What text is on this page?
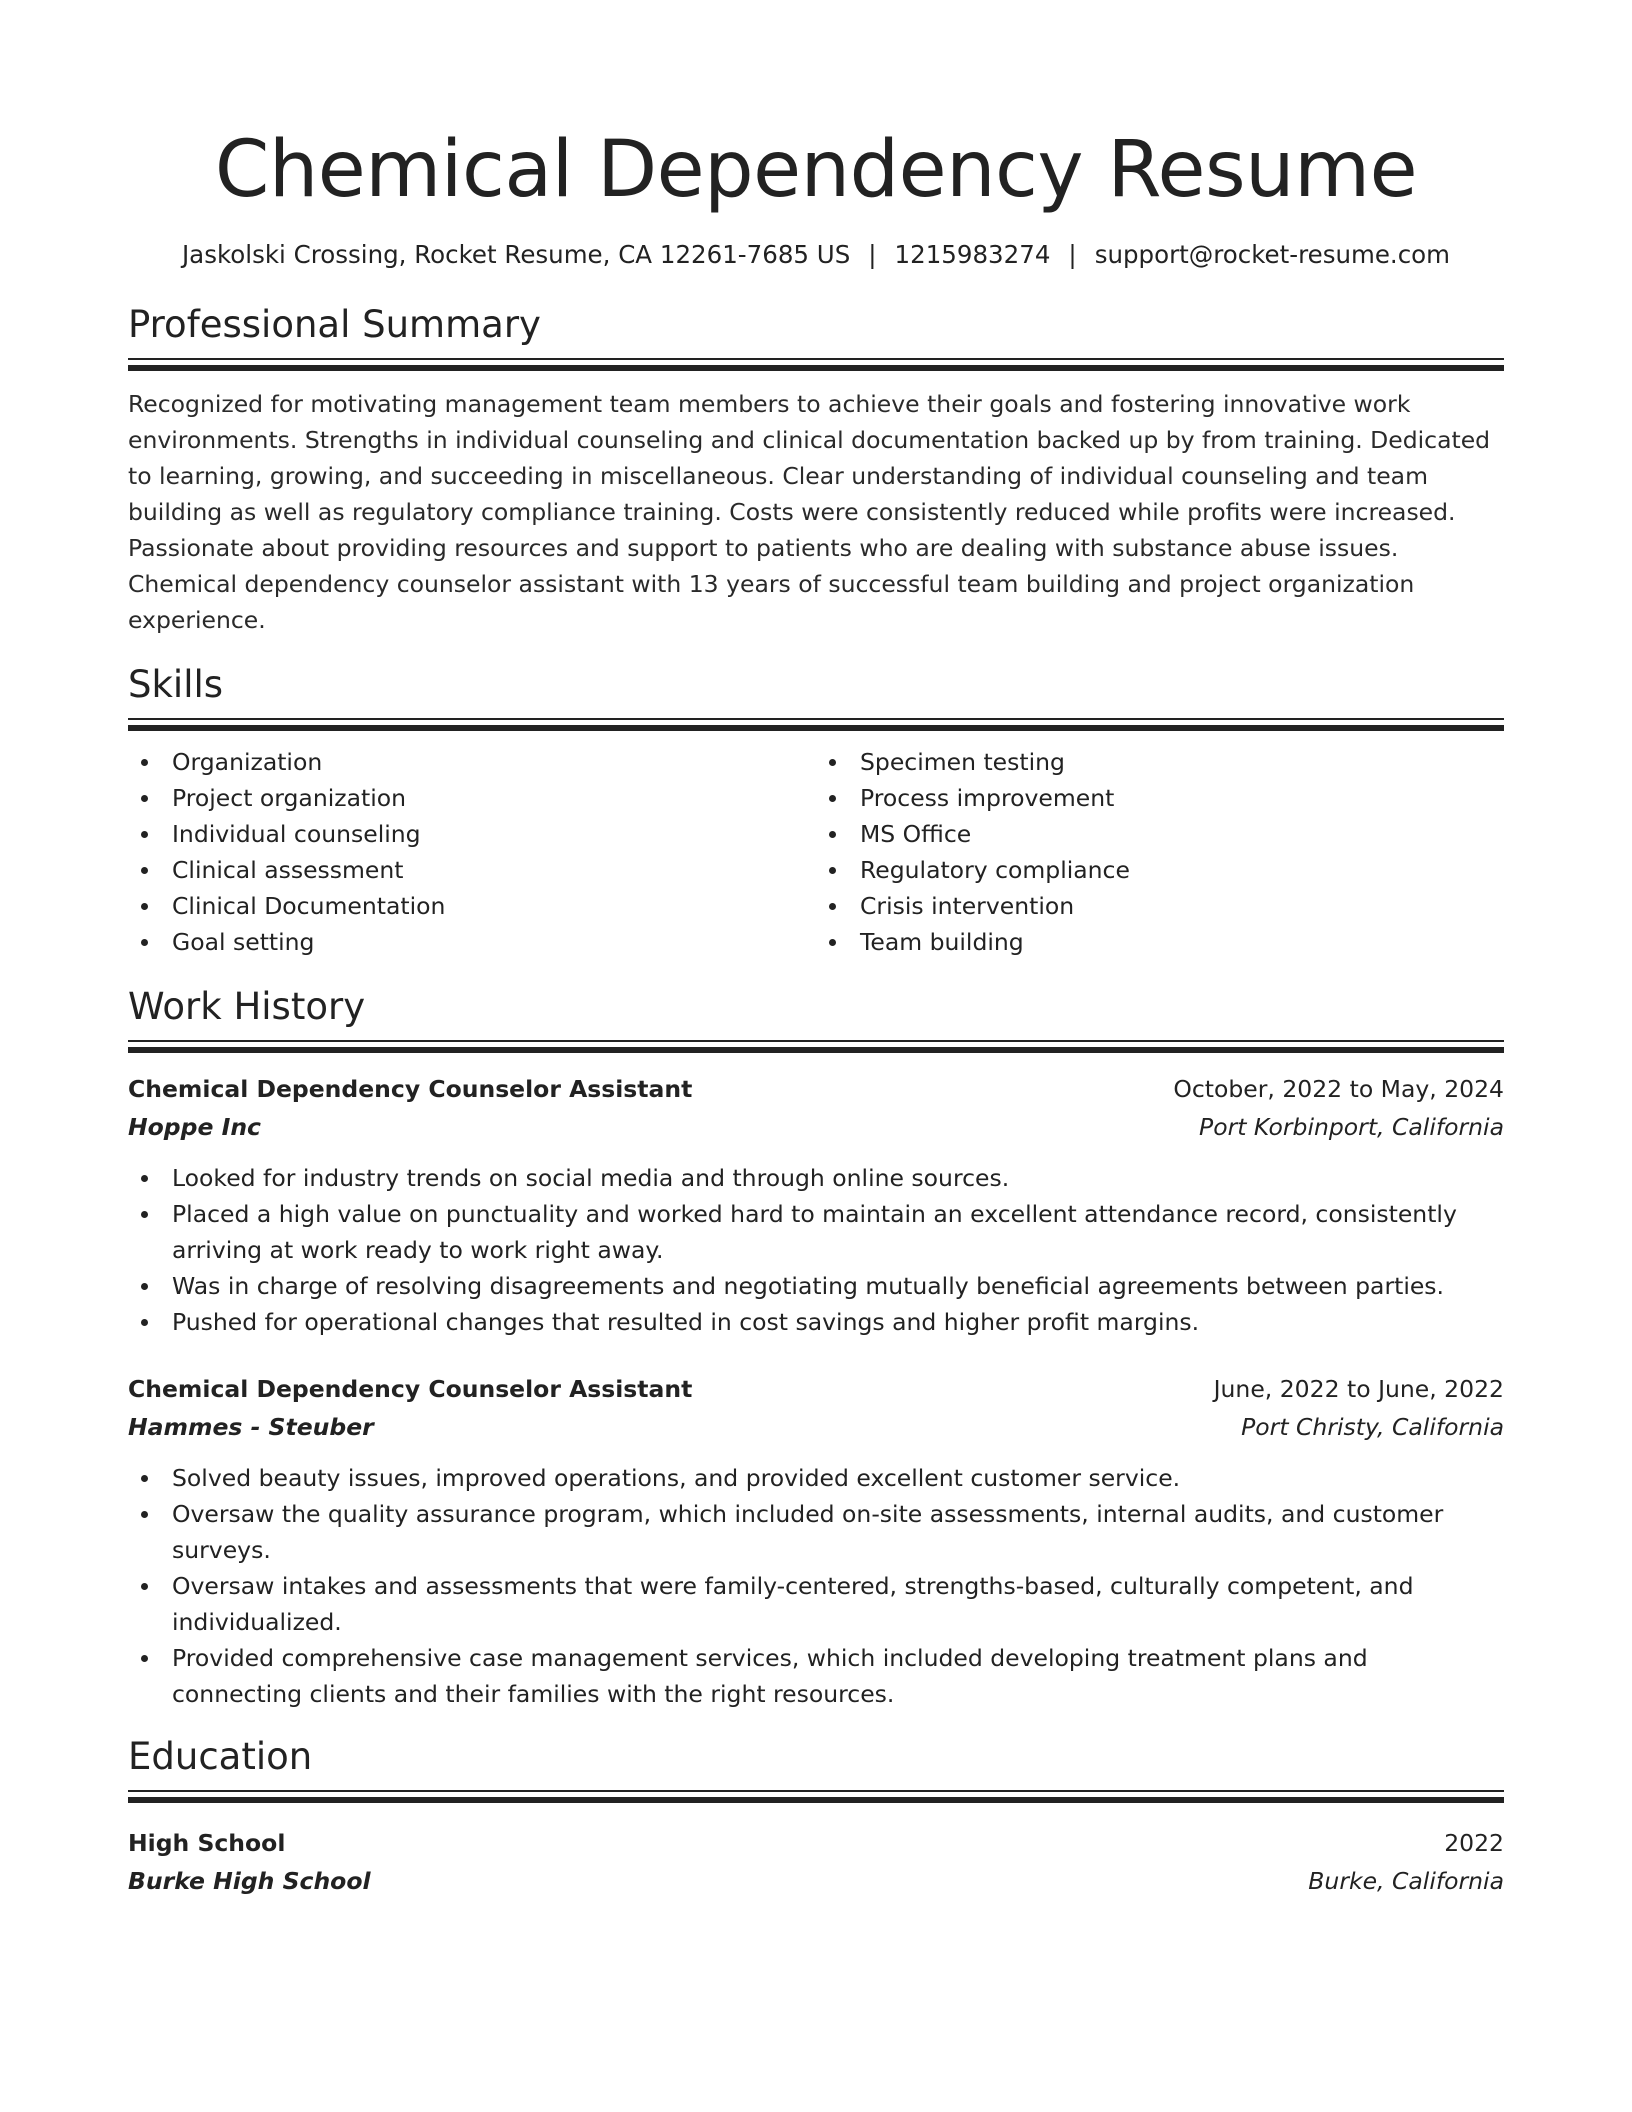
Chemical Dependency Resume
Jaskolski Crossing, Rocket Resume, CA 12261-7685 US | 1215983274 | support@rocket-resume.com
Professional Summary

Recognized for motivating management team members to achieve their goals and fostering innovative work environments. Strengths in individual counseling and clinical documentation backed up by from training. Dedicated to learning, growing, and succeeding in miscellaneous. Clear understanding of individual counseling and team building as well as regulatory compliance training. Costs were consistently reduced while profits were increased. Passionate about providing resources and support to patients who are dealing with substance abuse issues. Chemical dependency counselor assistant with 13 years of successful team building and project organization experience.

Skills
Organization
Project organization
Individual counseling
Clinical assessment
Clinical Documentation
Goal setting
Specimen testing
Process improvement
MS Office
Regulatory compliance
Crisis intervention
Team building
Work History
Chemical Dependency Counselor Assistant	October, 2022 to May, 2024
Hoppe Inc	Port Korbinport, California
Looked for industry trends on social media and through online sources.
Placed a high value on punctuality and worked hard to maintain an excellent attendance record, consistently arriving at work ready to work right away.
Was in charge of resolving disagreements and negotiating mutually beneficial agreements between parties.
Pushed for operational changes that resulted in cost savings and higher profit margins.
Chemical Dependency Counselor Assistant	June, 2022 to June, 2022
Hammes - Steuber	Port Christy, California
Solved beauty issues, improved operations, and provided excellent customer service.
Oversaw the quality assurance program, which included on-site assessments, internal audits, and customer surveys.
Oversaw intakes and assessments that were family-centered, strengths-based, culturally competent, and individualized.
Provided comprehensive case management services, which included developing treatment plans and connecting clients and their families with the right resources.
Education
High School	2022
Burke High School	Burke, California
